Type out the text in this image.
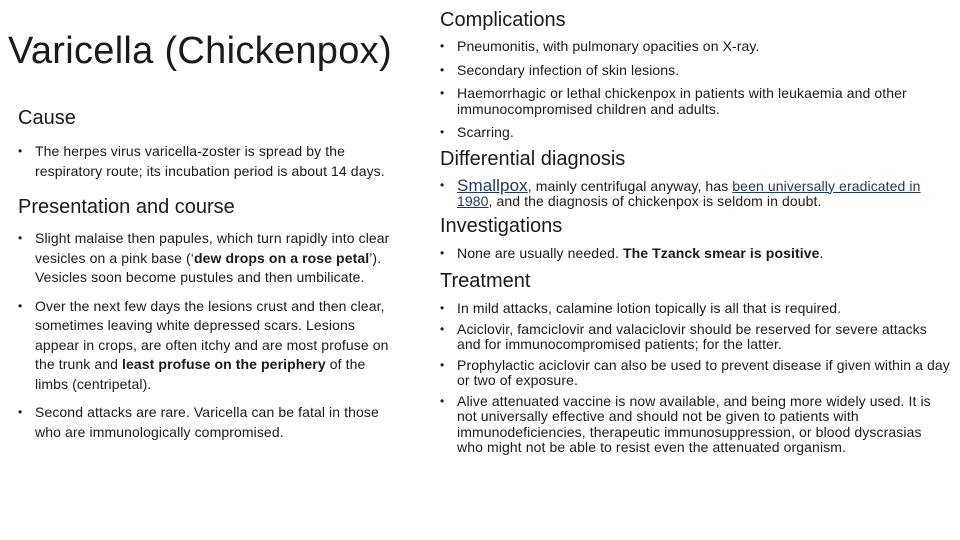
Varicella (Chickenpox)
Cause
• The herpes virus varicella-zoster is spread by the respiratory route; its incubation period is about 14 days.
Presentation and course
• Slight malaise then papules, which turn rapidly into clear vesicles on a pink base (‘dew drops on a rose petal’). Vesicles soon become pustules and then umbilicate.
• Over the next few days the lesions crust and then clear, sometimes leaving white depressed scars. Lesions appear in crops, are often itchy and are most profuse on the trunk and least profuse on the periphery of the limbs (centripetal).
• Second attacks are rare. Varicella can be fatal in those who are immunologically compromised.
Complications
• Pneumonitis, with pulmonary opacities on X-ray.
• Secondary infection of skin lesions.
• Haemorrhagic or lethal chickenpox in patients with leukaemia and other immunocompromised children and adults.
• Scarring.
Differential diagnosis
• Smallpox, mainly centrifugal anyway, has been universally eradicated in 1980, and the diagnosis of chickenpox is seldom in doubt.
Investigations
• None are usually needed. The Tzanck smear is positive.
Treatment
• In mild attacks, calamine lotion topically is all that is required.
• Aciclovir, famciclovir and valaciclovir should be reserved for severe attacks and for immunocompromised patients; for the latter.
• Prophylactic aciclovir can also be used to prevent disease if given within a day or two of exposure.
• Alive attenuated vaccine is now available, and being more widely used. It is not universally effective and should not be given to patients with immunodeficiencies, therapeutic immunosuppression, or blood dyscrasias who might not be able to resist even the attenuated organism.
